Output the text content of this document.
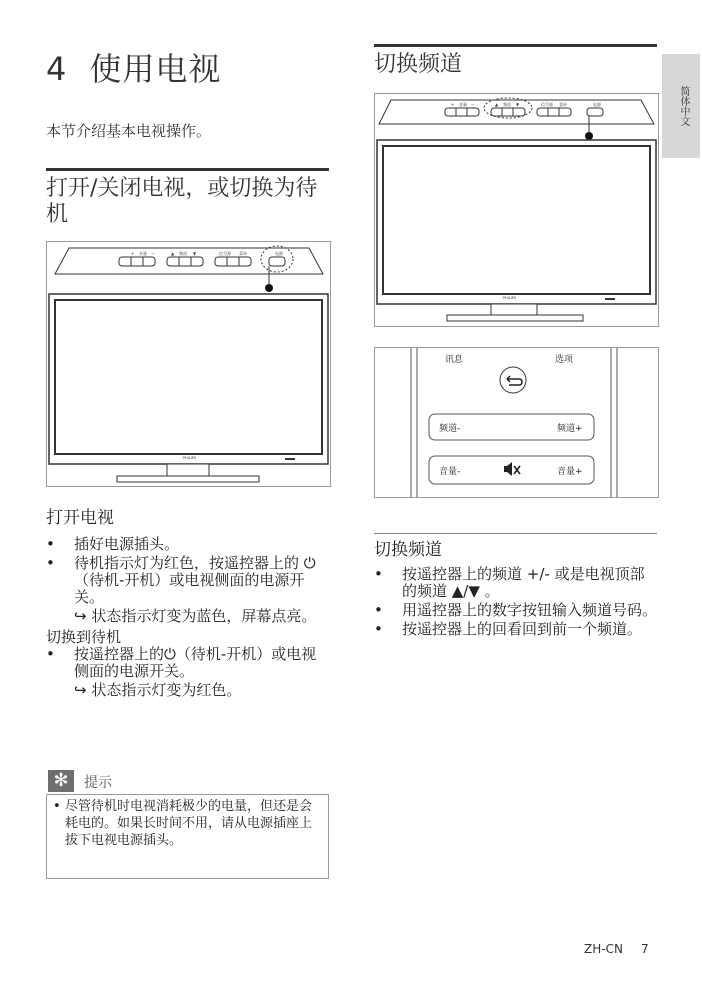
4 使用电视
本节介绍基本电视操作。
打开/关闭电视，或切换为待机
+ 音量 −	▲ 频道 ▼	信号源 菜单	电源
PHILIPS
打开电视
• 插好电源插头。
• 待机指示灯为红色，按遥控器上的 ⏻（待机-开机）或电视侧面的电源开关。
↪ 状态指示灯变为蓝色，屏幕点亮。
切换到待机
• 按遥控器上的⏻（待机-开机）或电视侧面的电源开关。
↪ 状态指示灯变为红色。
✻	提示
• 尽管待机时电视消耗极少的电量，但还是会耗电的。如果长时间不用，请从电源插座上拔下电视电源插头。
切换频道
+ 音量 −	▲ 频道 ▼	信号源 菜单	电源
PHILIPS
讯息	选项
频道-	频道+
音量-	音量+
切换频道
• 按遥控器上的频道 +/- 或是电视顶部的频道 ▲/▼ 。
• 用遥控器上的数字按钮输入频道号码。
• 按遥控器上的回看回到前一个频道。
简体中文
ZH-CN 7
